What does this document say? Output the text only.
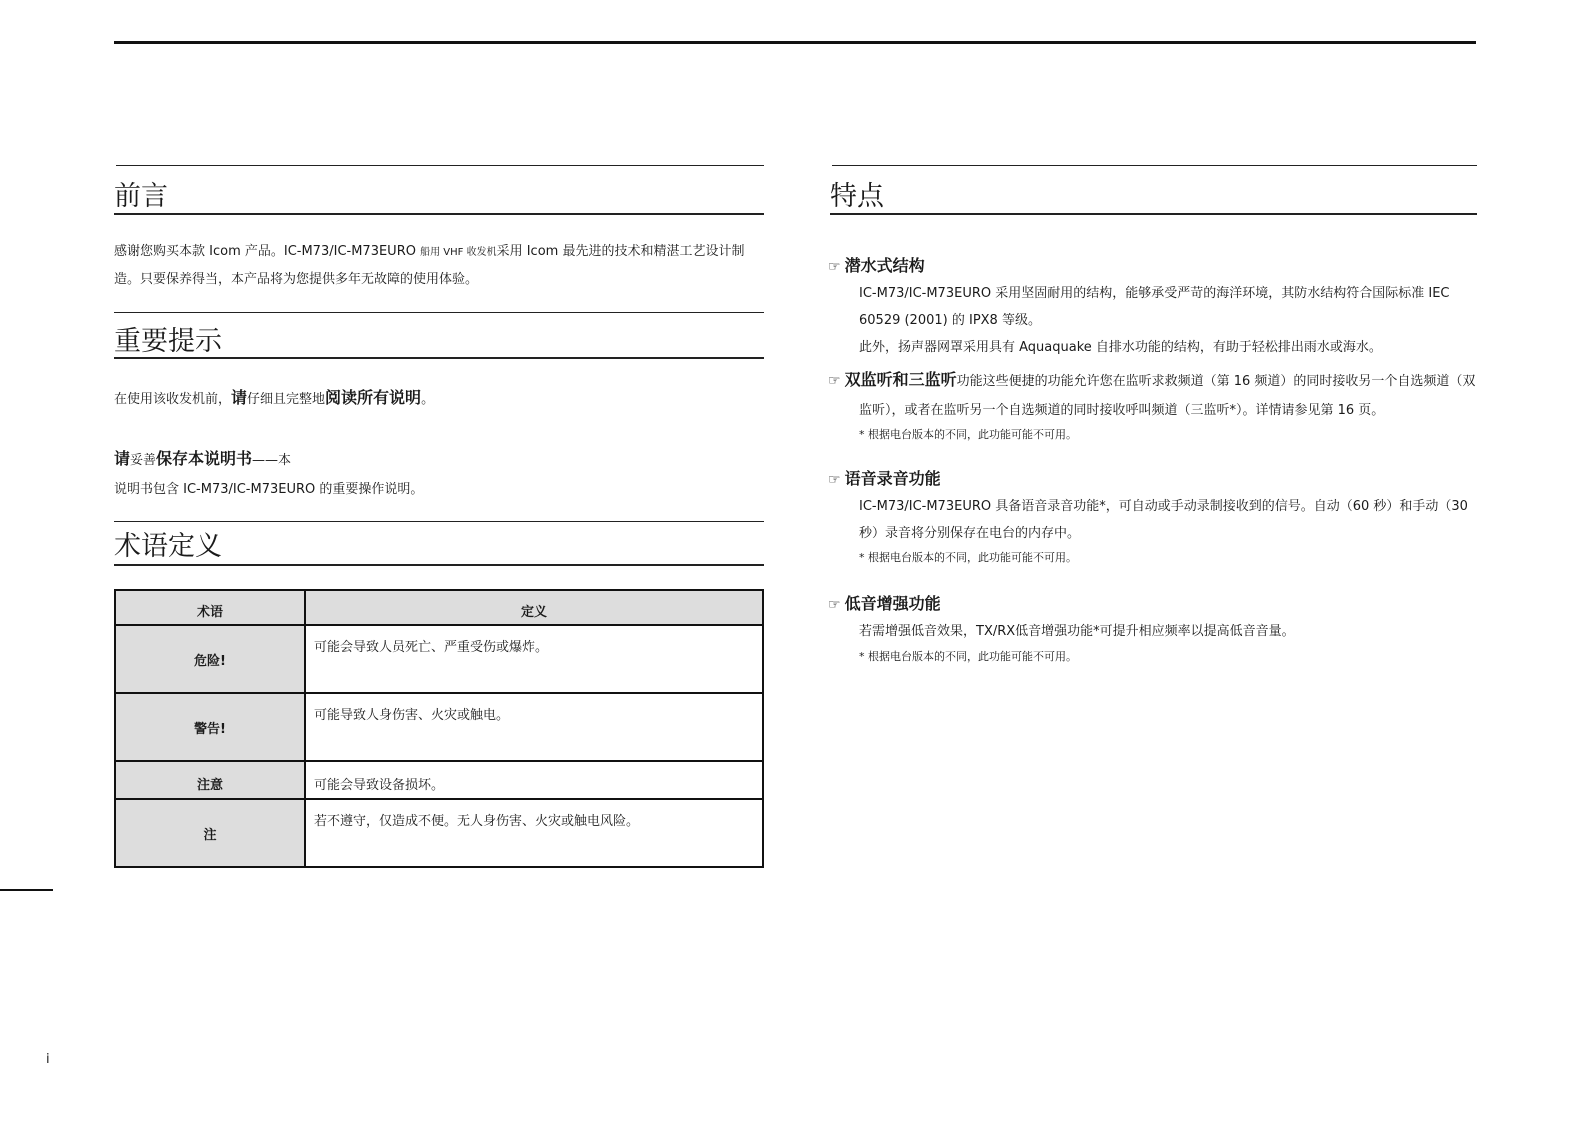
i
前言
感谢您购买本款 Icom 产品。IC-M73/IC-M73EURO 船用 VHF 收发机采用 Icom 最先进的技术和精湛工艺设计制造。只要保养得当，本产品将为您提供多年无故障的使用体验。
重要提示
在使用该收发机前，请仔细且完整地阅读所有说明。
请妥善保存本说明书——本
说明书包含 IC-M73/IC-M73EURO 的重要操作说明。
术语定义
术语	定义
危险!	可能会导致人员死亡、严重受伤或爆炸。
警告!	可能导致人身伤害、火灾或触电。
注意	可能会导致设备损坏。
注	若不遵守，仅造成不便。无人身伤害、火灾或触电风险。
特点
☞ 潜水式结构
IC-M73/IC-M73EURO 采用坚固耐用的结构，能够承受严苛的海洋环境，其防水结构符合国际标准 IEC 60529 (2001) 的 IPX8 等级。
此外，扬声器网罩采用具有 Aquaquake 自排水功能的结构，有助于轻松排出雨水或海水。
☞ 双监听和三监听功能这些便捷的功能允许您在监听求救频道（第 16 频道）的同时接收另一个自选频道（双监听），或者在监听另一个自选频道的同时接收呼叫频道（三监听*）。详情请参见第 16 页。
* 根据电台版本的不同，此功能可能不可用。
☞ 语音录音功能
IC-M73/IC-M73EURO 具备语音录音功能*，可自动或手动录制接收到的信号。自动（60 秒）和手动（30 秒）录音将分别保存在电台的内存中。
* 根据电台版本的不同，此功能可能不可用。
☞ 低音增强功能
若需增强低音效果，TX/RX低音增强功能*可提升相应频率以提高低音音量。
* 根据电台版本的不同，此功能可能不可用。
